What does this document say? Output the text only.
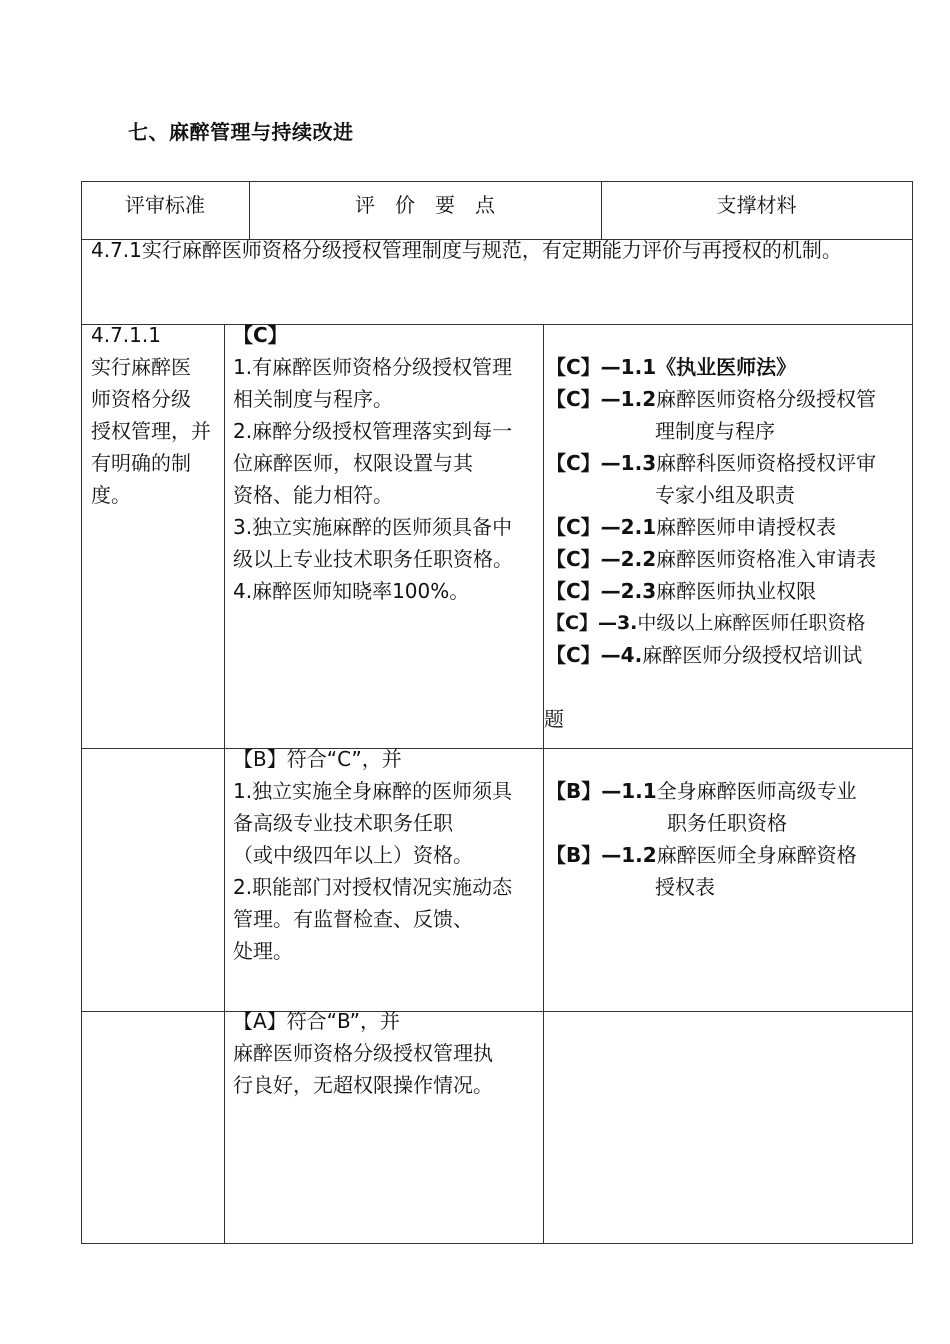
七、麻醉管理与持续改进
评审标准	评　价　要　点	支撑材料
4.7.1实行麻醉医师资格分级授权管理制度与规范，有定期能力评价与再授权的机制。
4.7.1.1
实行麻醉医
师资格分级
授权管理，并
有明确的制
度。
【C】
1.有麻醉医师资格分级授权管理
相关制度与程序。
2.麻醉分级授权管理落实到每一
位麻醉医师，权限设置与其
资格、能力相符。
3.独立实施麻醉的医师须具备中
级以上专业技术职务任职资格。
4.麻醉医师知晓率100%。
【C】—1.1《执业医师法》
【C】—1.2麻醉医师资格分级授权管
理制度与程序
【C】—1.3麻醉科医师资格授权评审
专家小组及职责
【C】—2.1麻醉医师申请授权表
【C】—2.2麻醉医师资格准入审请表
【C】—2.3麻醉医师执业权限
【C】—3.中级以上麻醉医师任职资格
【C】—4.麻醉医师分级授权培训试
题
【B】符合“C”，并
1.独立实施全身麻醉的医师须具
备高级专业技术职务任职
（或中级四年以上）资格。
2.职能部门对授权情况实施动态
管理。有监督检查、反馈、
处理。
【B】—1.1全身麻醉医师高级专业
职务任职资格
【B】—1.2麻醉医师全身麻醉资格
授权表
【A】符合“B”，并
麻醉医师资格分级授权管理执
行良好，无超权限操作情况。
